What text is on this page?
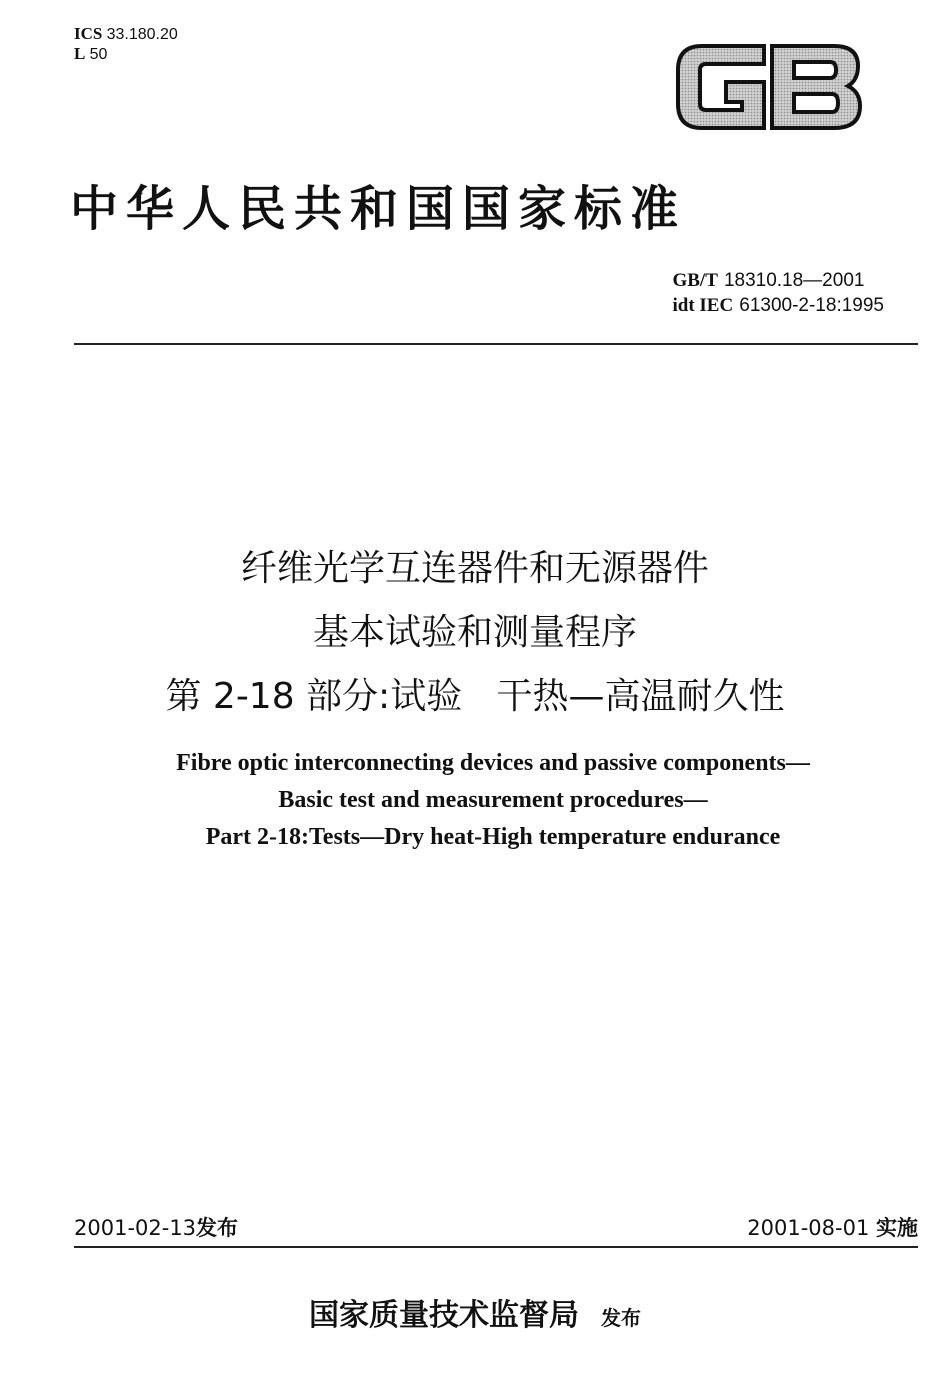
ICS 33.180.20
L 50
中华人民共和国国家标准
GB/T 18310.18—2001
idt IEC 61300-2-18:1995
纤维光学互连器件和无源器件
基本试验和测量程序
第 2-18 部分:试验   干热—高温耐久性
Fibre optic interconnecting devices and passive components—
Basic test and measurement procedures—
Part 2-18:Tests—Dry heat-High temperature endurance
2001-02-13发布	2001-08-01 实施
国家质量技术监督局 发布
